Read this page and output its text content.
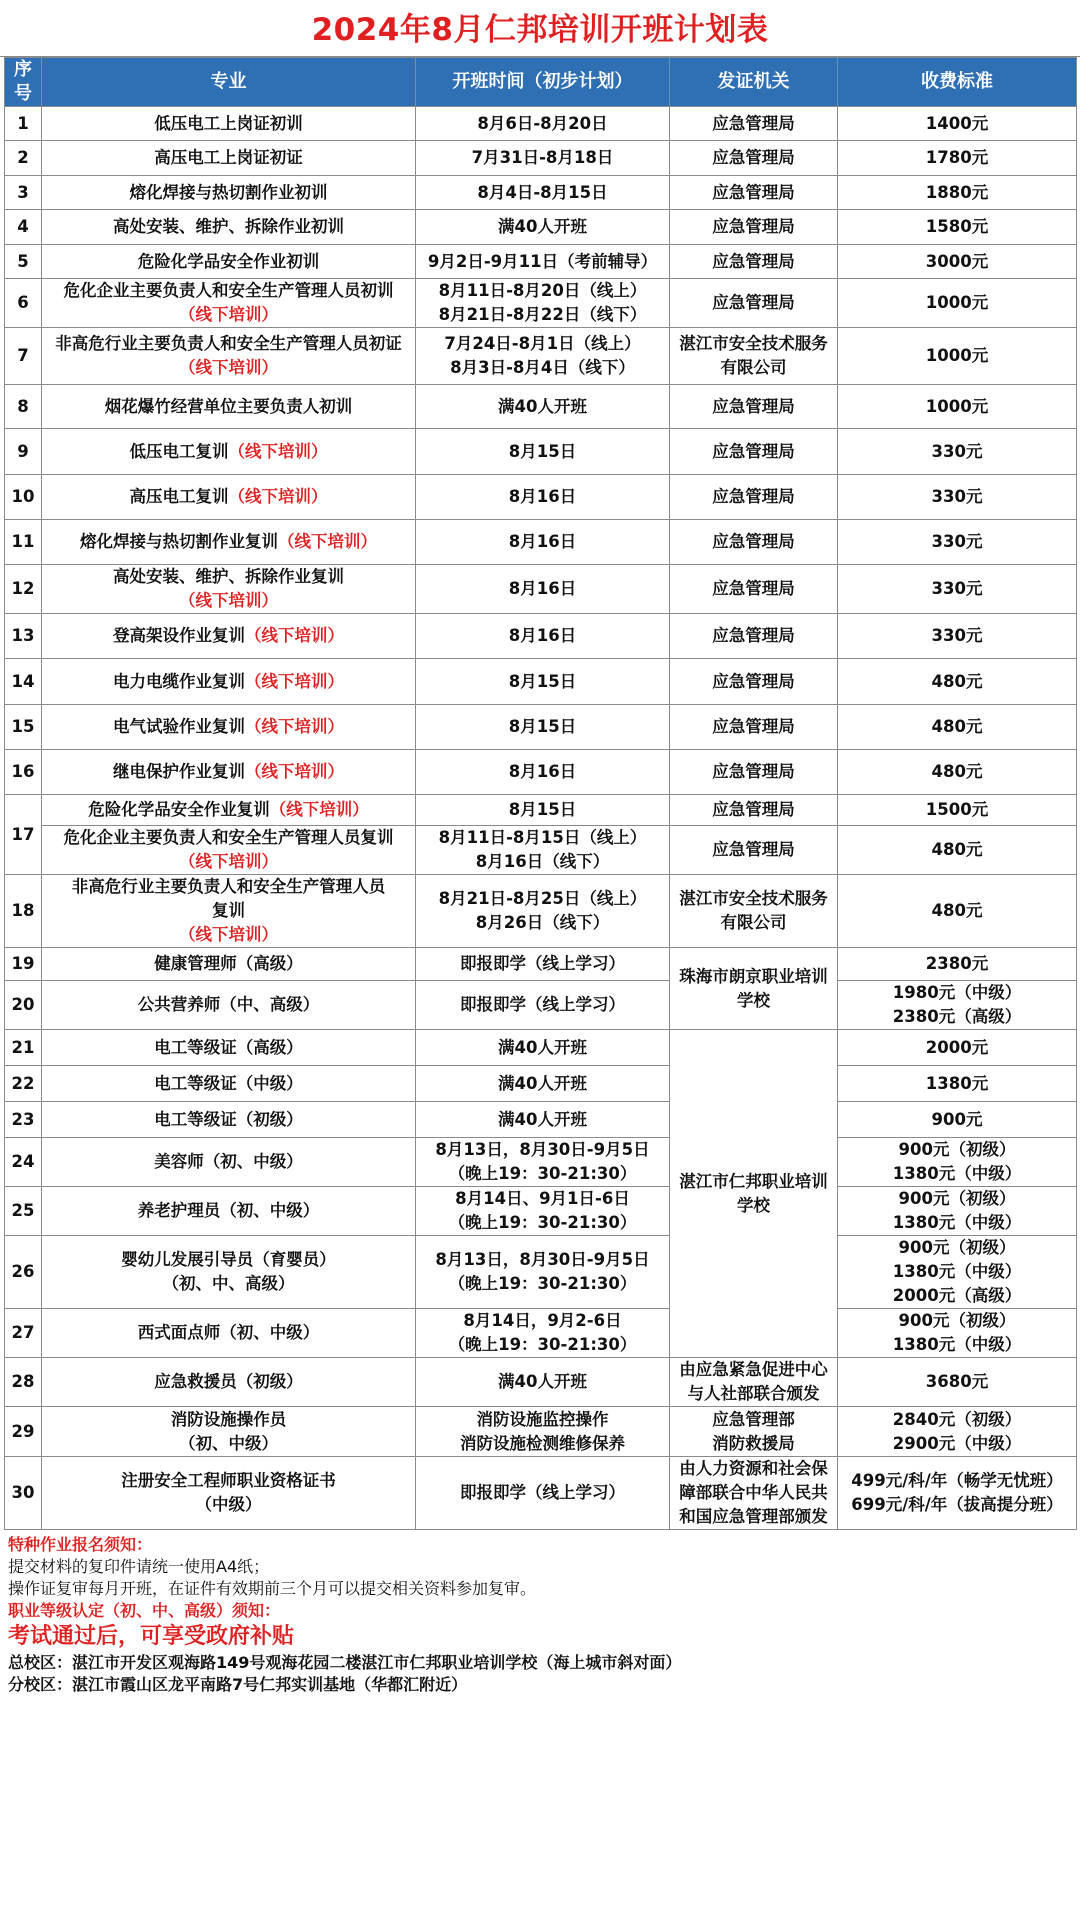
2024年8月仁邦培训开班计划表
序号	专业	开班时间（初步计划）	发证机关	收费标准
1	低压电工上岗证初训	8月6日-8月20日	应急管理局	1400元

2	高压电工上岗证初证	7月31日-8月18日	应急管理局	1780元

3	熔化焊接与热切割作业初训	8月4日-8月15日	应急管理局	1880元

4	高处安装、维护、拆除作业初训	满40人开班	应急管理局	1580元

5	危险化学品安全作业初训	9月2日-9月11日（考前辅导）	应急管理局	3000元

6	危化企业主要负责人和安全生产管理人员初训
（线下培训）	8月11日-8月20日（线上）
8月21日-8月22日（线下）	应急管理局	1000元

7	非高危行业主要负责人和安全生产管理人员初证
（线下培训）	7月24日-8月1日（线上）
8月3日-8月4日（线下）	湛江市安全技术服务
有限公司	1000元

8	烟花爆竹经营单位主要负责人初训	满40人开班	应急管理局	1000元

9	低压电工复训（线下培训）	8月15日	应急管理局	330元

10	高压电工复训（线下培训）	8月16日	应急管理局	330元

11	熔化焊接与热切割作业复训（线下培训）	8月16日	应急管理局	330元

12	高处安装、维护、拆除作业复训
（线下培训）	8月16日	应急管理局	330元

13	登高架设作业复训（线下培训）	8月16日	应急管理局	330元

14	电力电缆作业复训（线下培训）	8月15日	应急管理局	480元

15	电气试验作业复训（线下培训）	8月15日	应急管理局	480元

16	继电保护作业复训（线下培训）	8月16日	应急管理局	480元

17	危险化学品安全作业复训（线下培训）	8月15日	应急管理局	1500元

	危化企业主要负责人和安全生产管理人员复训
（线下培训）	8月11日-8月15日（线上）
8月16日（线下）	应急管理局	480元

18	非高危行业主要负责人和安全生产管理人员
复训
（线下培训）	8月21日-8月25日（线上）
8月26日（线下）	湛江市安全技术服务
有限公司	480元

19	健康管理师（高级）	即报即学（线上学习）	珠海市朗京职业培训
学校	2380元

20	公共营养师（中、高级）	即报即学（线上学习）		1980元（中级）
2380元（高级）

21	电工等级证（高级）	满40人开班	湛江市仁邦职业培训
学校	2000元

22	电工等级证（中级）	满40人开班		1380元

23	电工等级证（初级）	满40人开班		900元

24	美容师（初、中级）	8月13日，8月30日-9月5日
（晚上19：30-21:30）		900元（初级）
1380元（中级）

25	养老护理员（初、中级）	8月14日、9月1日-6日
（晚上19：30-21:30）		900元（初级）
1380元（中级）

26	婴幼儿发展引导员（育婴员）
（初、中、高级）	8月13日，8月30日-9月5日
（晚上19：30-21:30）		900元（初级）
1380元（中级）
2000元（高级）

27	西式面点师（初、中级）	8月14日，9月2-6日
（晚上19：30-21:30）		900元（初级）
1380元（中级）

28	应急救援员（初级）	满40人开班	由应急紧急促进中心
与人社部联合颁发	3680元

29	消防设施操作员
（初、中级）	消防设施监控操作
消防设施检测维修保养	应急管理部
消防救援局	2840元（初级）
2900元（中级）

30	注册安全工程师职业资格证书
（中级）	即报即学（线上学习）	由人力资源和社会保
障部联合中华人民共
和国应急管理部颁发	499元/科/年（畅学无忧班）
699元/科/年（拔高提分班）
特种作业报名须知：
提交材料的复印件请统一使用A4纸；
操作证复审每月开班，在证件有效期前三个月可以提交相关资料参加复审。
职业等级认定（初、中、高级）须知：
考试通过后，可享受政府补贴
总校区：湛江市开发区观海路149号观海花园二楼湛江市仁邦职业培训学校（海上城市斜对面）
分校区：湛江市霞山区龙平南路7号仁邦实训基地（华都汇附近）
